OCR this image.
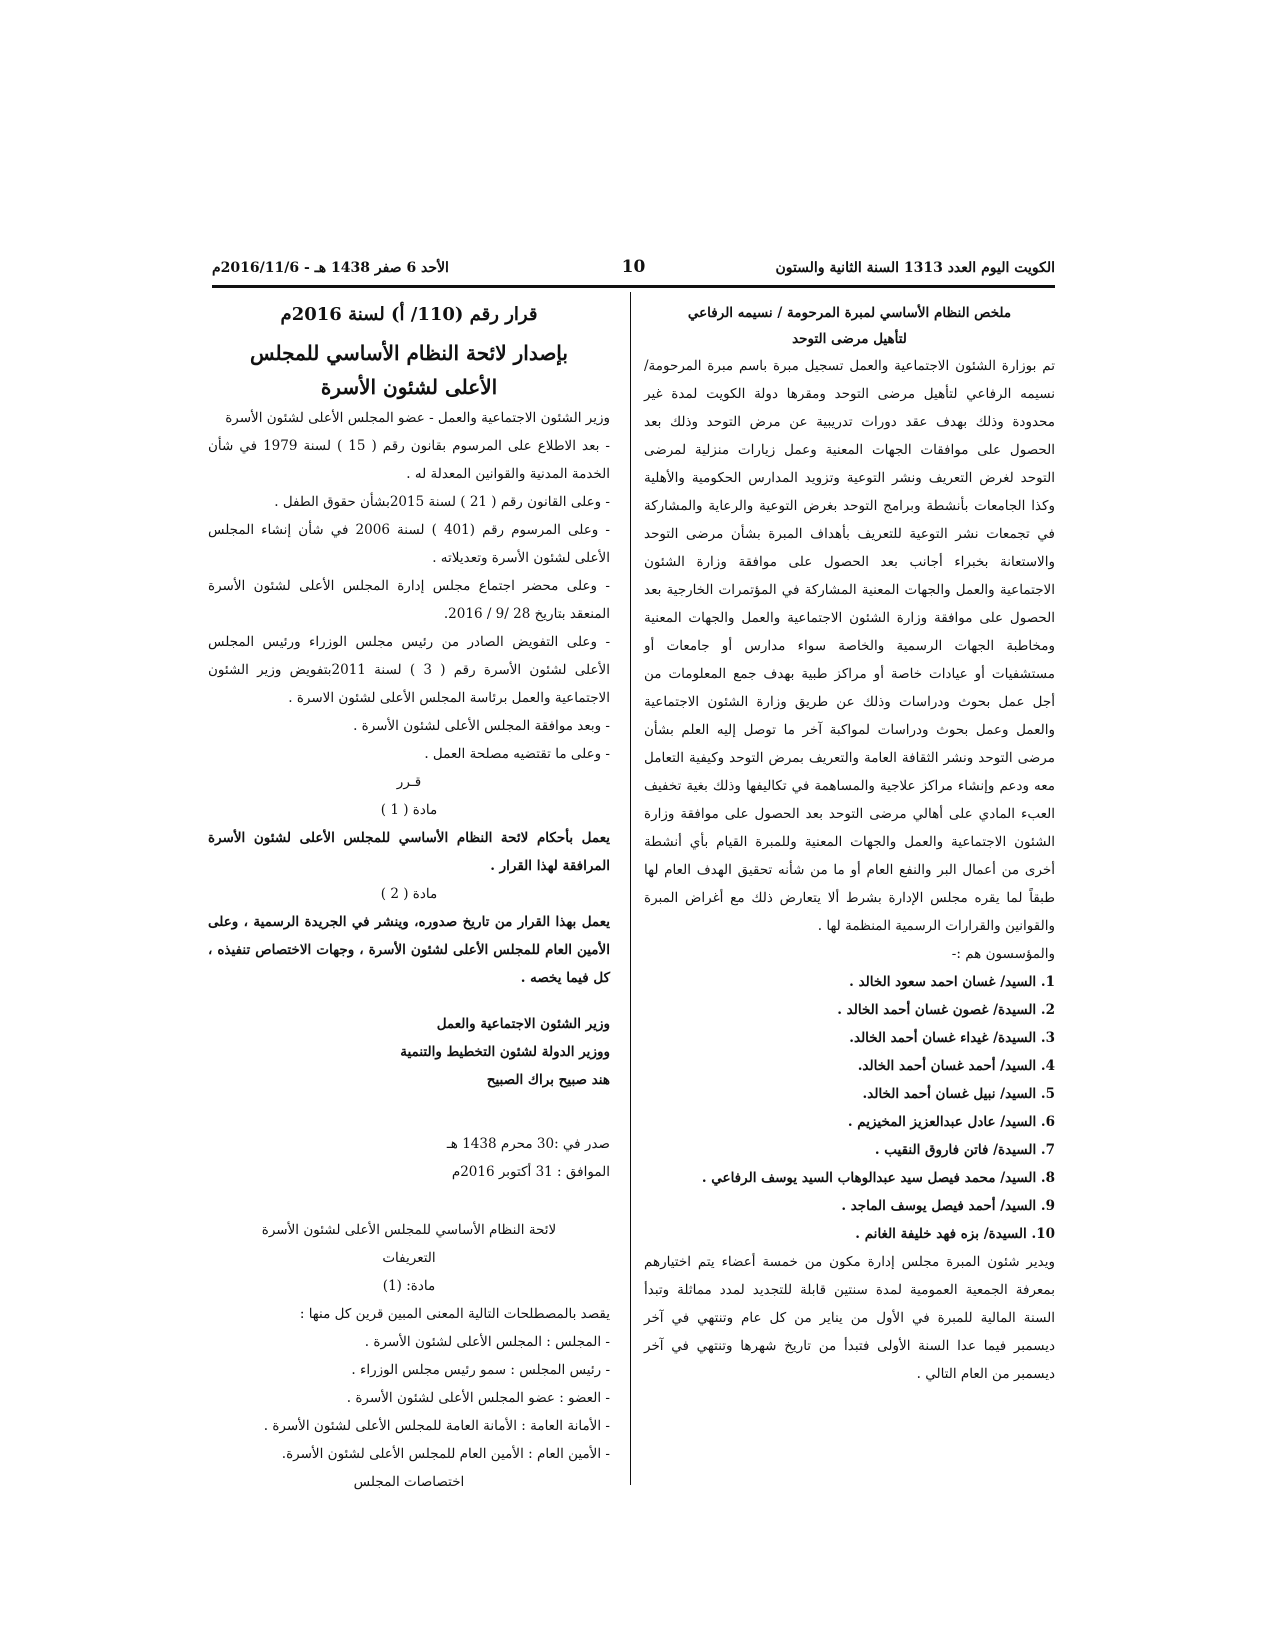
الكويت اليوم العدد 1313 السنة الثانية والستون
10
الأحد 6 صفر 1438 هـ - 2016/11/6م

ملخص النظام الأساسي لمبرة المرحومة / نسيمه الرفاعي

لتأهيل مرضى التوحد

تم بوزارة الشئون الاجتماعية والعمل تسجيل مبرة باسم مبرة المرحومة/نسيمه الرفاعي لتأهيل مرضى التوحد ومقرها دولة الكويت لمدة غير محدودة وذلك بهدف عقد دورات تدريبية عن مرض التوحد وذلك بعد الحصول على موافقات الجهات المعنية وعمل زيارات منزلية لمرضى التوحد لغرض التعريف ونشر التوعية وتزويد المدارس الحكومية والأهلية وكذا الجامعات بأنشطة وبرامج التوحد بغرض التوعية والرعاية والمشاركة في تجمعات نشر التوعية للتعريف بأهداف المبرة بشأن مرضى التوحد والاستعانة بخبراء أجانب بعد الحصول على موافقة وزارة الشئون الاجتماعية والعمل والجهات المعنية المشاركة في المؤتمرات الخارجية بعد الحصول على موافقة وزارة الشئون الاجتماعية والعمل والجهات المعنية ومخاطبة الجهات الرسمية والخاصة سواء مدارس أو جامعات أو مستشفيات أو عيادات خاصة أو مراكز طبية بهدف جمع المعلومات من أجل عمل بحوث ودراسات وذلك عن طريق وزارة الشئون الاجتماعية والعمل وعمل بحوث ودراسات لمواكبة آخر ما توصل إليه العلم بشأن مرضى التوحد ونشر الثقافة العامة والتعريف بمرض التوحد وكيفية التعامل معه ودعم وإنشاء مراكز علاجية والمساهمة في تكاليفها وذلك بغية تخفيف العبء المادي على أهالي مرضى التوحد بعد الحصول على موافقة وزارة الشئون الاجتماعية والعمل والجهات المعنية وللمبرة القيام بأي أنشطة أخرى من أعمال البر والنفع العام أو ما من شأنه تحقيق الهدف العام لها طبقاً لما يقره مجلس الإدارة بشرط ألا يتعارض ذلك مع أغراض المبرة والقوانين والقرارات الرسمية المنظمة لها .

والمؤسسون هم :-

1. السيد/ غسان احمد سعود الخالد .

2. السيدة/ غصون غسان أحمد الخالد .

3. السيدة/ غيداء غسان أحمد الخالد.

4. السيد/ أحمد غسان أحمد الخالد.

5. السيد/ نبيل غسان أحمد الخالد.

6. السيد/ عادل عبدالعزيز المخيزيم .

7. السيدة/ فاتن فاروق النقيب .

8. السيد/ محمد فيصل سيد عبدالوهاب السيد يوسف الرفاعي .

9. السيد/ أحمد فيصل يوسف الماجد .

10. السيدة/ بزه فهد خليفة الغانم .

ويدير شئون المبرة مجلس إدارة مكون من خمسة أعضاء يتم اختيارهم بمعرفة الجمعية العمومية لمدة سنتين قابلة للتجديد لمدد مماثلة وتبدأ السنة المالية للمبرة في الأول من يناير من كل عام وتنتهي في آخر ديسمبر فيما عدا السنة الأولى فتبدأ من تاريخ شهرها وتنتهي في آخر ديسمبر من العام التالي .

قرار رقم (110/ أ) لسنة 2016م

بإصدار لائحة النظام الأساسي للمجلس

الأعلى لشئون الأسرة

وزير الشئون الاجتماعية والعمل - عضو المجلس الأعلى لشئون الأسرة

- بعد الاطلاع على المرسوم بقانون رقم ( 15 ) لسنة 1979 في شأن الخدمة المدنية والقوانين المعدلة له .

- وعلى القانون رقم ( 21 ) لسنة 2015بشأن حقوق الطفل .

- وعلى المرسوم رقم (401 ) لسنة 2006 في شأن إنشاء المجلس الأعلى لشئون الأسرة وتعديلاته .

- وعلى محضر اجتماع مجلس إدارة المجلس الأعلى لشئون الأسرة المنعقد بتاريخ 28 /9 / 2016.

- وعلى التفويض الصادر من رئيس مجلس الوزراء ورئيس المجلس الأعلى لشئون الأسرة رقم ( 3 ) لسنة 2011بتفويض وزير الشئون الاجتماعية والعمل برئاسة المجلس الأعلى لشئون الاسرة .

- وبعد موافقة المجلس الأعلى لشئون الأسرة .

- وعلى ما تقتضيه مصلحة العمل .

قـرر

مادة ( 1 )

يعمل بأحكام لائحة النظام الأساسي للمجلس الأعلى لشئون الأسرة المرافقة لهذا القرار .

مادة ( 2 )

يعمل بهذا القرار من تاريخ صدوره، وينشر في الجريدة الرسمية ، وعلى الأمين العام للمجلس الأعلى لشئون الأسرة ، وجهات الاختصاص تنفيذه ، كل فيما يخصه .

وزير الشئون الاجتماعية والعمل

ووزير الدولة لشئون التخطيط والتنمية

هند صبيح براك الصبيح

صدر في :30 محرم 1438 هـ

الموافق : 31 أكتوبر 2016م

لائحة النظام الأساسي للمجلس الأعلى لشئون الأسرة

التعريفات

مادة: (1)

يقصد بالمصطلحات التالية المعنى المبين قرين كل منها :

- المجلس : المجلس الأعلى لشئون الأسرة .

- رئيس المجلس : سمو رئيس مجلس الوزراء .

- العضو : عضو المجلس الأعلى لشئون الأسرة .

- الأمانة العامة : الأمانة العامة للمجلس الأعلى لشئون الأسرة .

- الأمين العام : الأمين العام للمجلس الأعلى لشئون الأسرة.

اختصاصات المجلس
